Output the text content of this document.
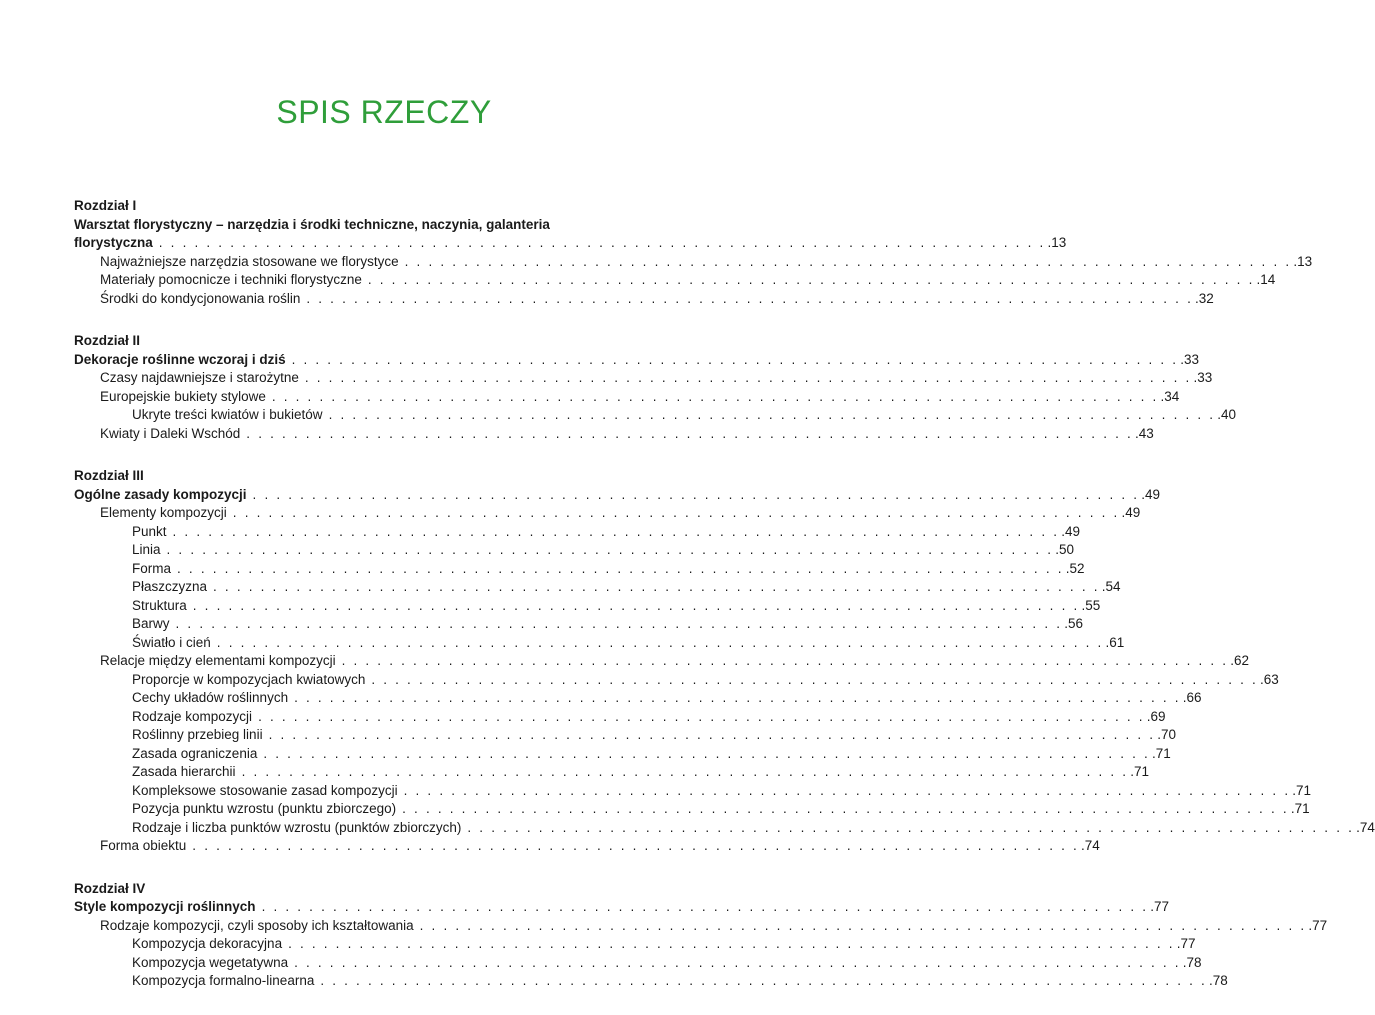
SPIS RZECZY
Rozdział I
Warsztat florystyczny – narzędzia i środki techniczne, naczynia, galanteria
florystyczna . . . . . . . . . . . . . . . . . . . . . . . . . . . . . . . . . . . . . . . . . . . . . . . . . . . . . . . . . . . . . . . . . . . . . . . . . . . .13
Najważniejsze narzędzia stosowane we florystyce . . . . . . . . . . . . . . . . . . . . . . . . . . . . . . . . . . . . . . . . . . . . . . . . . . . . . . . . . . . . . . . . . . . . . . . . . . . .13
Materiały pomocnicze i techniki florystyczne . . . . . . . . . . . . . . . . . . . . . . . . . . . . . . . . . . . . . . . . . . . . . . . . . . . . . . . . . . . . . . . . . . . . . . . . . . . .14
Środki do kondycjonowania roślin . . . . . . . . . . . . . . . . . . . . . . . . . . . . . . . . . . . . . . . . . . . . . . . . . . . . . . . . . . . . . . . . . . . . . . . . . . . .32
Rozdział II
Dekoracje roślinne wczoraj i dziś . . . . . . . . . . . . . . . . . . . . . . . . . . . . . . . . . . . . . . . . . . . . . . . . . . . . . . . . . . . . . . . . . . . . . . . . . . . .33
Czasy najdawniejsze i starożytne . . . . . . . . . . . . . . . . . . . . . . . . . . . . . . . . . . . . . . . . . . . . . . . . . . . . . . . . . . . . . . . . . . . . . . . . . . . .33
Europejskie bukiety stylowe . . . . . . . . . . . . . . . . . . . . . . . . . . . . . . . . . . . . . . . . . . . . . . . . . . . . . . . . . . . . . . . . . . . . . . . . . . . .34
Ukryte treści kwiatów i bukietów . . . . . . . . . . . . . . . . . . . . . . . . . . . . . . . . . . . . . . . . . . . . . . . . . . . . . . . . . . . . . . . . . . . . . . . . . . . .40
Kwiaty i Daleki Wschód . . . . . . . . . . . . . . . . . . . . . . . . . . . . . . . . . . . . . . . . . . . . . . . . . . . . . . . . . . . . . . . . . . . . . . . . . . . .43
Rozdział III
Ogólne zasady kompozycji . . . . . . . . . . . . . . . . . . . . . . . . . . . . . . . . . . . . . . . . . . . . . . . . . . . . . . . . . . . . . . . . . . . . . . . . . . . .49
Elementy kompozycji . . . . . . . . . . . . . . . . . . . . . . . . . . . . . . . . . . . . . . . . . . . . . . . . . . . . . . . . . . . . . . . . . . . . . . . . . . . .49
Punkt . . . . . . . . . . . . . . . . . . . . . . . . . . . . . . . . . . . . . . . . . . . . . . . . . . . . . . . . . . . . . . . . . . . . . . . . . . . .49
Linia . . . . . . . . . . . . . . . . . . . . . . . . . . . . . . . . . . . . . . . . . . . . . . . . . . . . . . . . . . . . . . . . . . . . . . . . . . . .50
Forma . . . . . . . . . . . . . . . . . . . . . . . . . . . . . . . . . . . . . . . . . . . . . . . . . . . . . . . . . . . . . . . . . . . . . . . . . . . .52
Płaszczyzna . . . . . . . . . . . . . . . . . . . . . . . . . . . . . . . . . . . . . . . . . . . . . . . . . . . . . . . . . . . . . . . . . . . . . . . . . . . .54
Struktura . . . . . . . . . . . . . . . . . . . . . . . . . . . . . . . . . . . . . . . . . . . . . . . . . . . . . . . . . . . . . . . . . . . . . . . . . . . .55
Barwy . . . . . . . . . . . . . . . . . . . . . . . . . . . . . . . . . . . . . . . . . . . . . . . . . . . . . . . . . . . . . . . . . . . . . . . . . . . .56
Światło i cień . . . . . . . . . . . . . . . . . . . . . . . . . . . . . . . . . . . . . . . . . . . . . . . . . . . . . . . . . . . . . . . . . . . . . . . . . . . .61
Relacje między elementami kompozycji . . . . . . . . . . . . . . . . . . . . . . . . . . . . . . . . . . . . . . . . . . . . . . . . . . . . . . . . . . . . . . . . . . . . . . . . . . . .62
Proporcje w kompozycjach kwiatowych . . . . . . . . . . . . . . . . . . . . . . . . . . . . . . . . . . . . . . . . . . . . . . . . . . . . . . . . . . . . . . . . . . . . . . . . . . . .63
Cechy układów roślinnych . . . . . . . . . . . . . . . . . . . . . . . . . . . . . . . . . . . . . . . . . . . . . . . . . . . . . . . . . . . . . . . . . . . . . . . . . . . .66
Rodzaje kompozycji . . . . . . . . . . . . . . . . . . . . . . . . . . . . . . . . . . . . . . . . . . . . . . . . . . . . . . . . . . . . . . . . . . . . . . . . . . . .69
Roślinny przebieg linii . . . . . . . . . . . . . . . . . . . . . . . . . . . . . . . . . . . . . . . . . . . . . . . . . . . . . . . . . . . . . . . . . . . . . . . . . . . .70
Zasada ograniczenia . . . . . . . . . . . . . . . . . . . . . . . . . . . . . . . . . . . . . . . . . . . . . . . . . . . . . . . . . . . . . . . . . . . . . . . . . . . .71
Zasada hierarchii . . . . . . . . . . . . . . . . . . . . . . . . . . . . . . . . . . . . . . . . . . . . . . . . . . . . . . . . . . . . . . . . . . . . . . . . . . . .71
Kompleksowe stosowanie zasad kompozycji . . . . . . . . . . . . . . . . . . . . . . . . . . . . . . . . . . . . . . . . . . . . . . . . . . . . . . . . . . . . . . . . . . . . . . . . . . . .71
Pozycja punktu wzrostu (punktu zbiorczego) . . . . . . . . . . . . . . . . . . . . . . . . . . . . . . . . . . . . . . . . . . . . . . . . . . . . . . . . . . . . . . . . . . . . . . . . . . . .71
Rodzaje i liczba punktów wzrostu (punktów zbiorczych) . . . . . . . . . . . . . . . . . . . . . . . . . . . . . . . . . . . . . . . . . . . . . . . . . . . . . . . . . . . . . . . . . . . . . . . . . . . .74
Forma obiektu . . . . . . . . . . . . . . . . . . . . . . . . . . . . . . . . . . . . . . . . . . . . . . . . . . . . . . . . . . . . . . . . . . . . . . . . . . . .74
Rozdział IV
Style kompozycji roślinnych . . . . . . . . . . . . . . . . . . . . . . . . . . . . . . . . . . . . . . . . . . . . . . . . . . . . . . . . . . . . . . . . . . . . . . . . . . . .77
Rodzaje kompozycji, czyli sposoby ich kształtowania . . . . . . . . . . . . . . . . . . . . . . . . . . . . . . . . . . . . . . . . . . . . . . . . . . . . . . . . . . . . . . . . . . . . . . . . . . . .77
Kompozycja dekoracyjna . . . . . . . . . . . . . . . . . . . . . . . . . . . . . . . . . . . . . . . . . . . . . . . . . . . . . . . . . . . . . . . . . . . . . . . . . . . .77
Kompozycja wegetatywna . . . . . . . . . . . . . . . . . . . . . . . . . . . . . . . . . . . . . . . . . . . . . . . . . . . . . . . . . . . . . . . . . . . . . . . . . . . .78
Kompozycja formalno-linearna . . . . . . . . . . . . . . . . . . . . . . . . . . . . . . . . . . . . . . . . . . . . . . . . . . . . . . . . . . . . . . . . . . . . . . . . . . . .78
